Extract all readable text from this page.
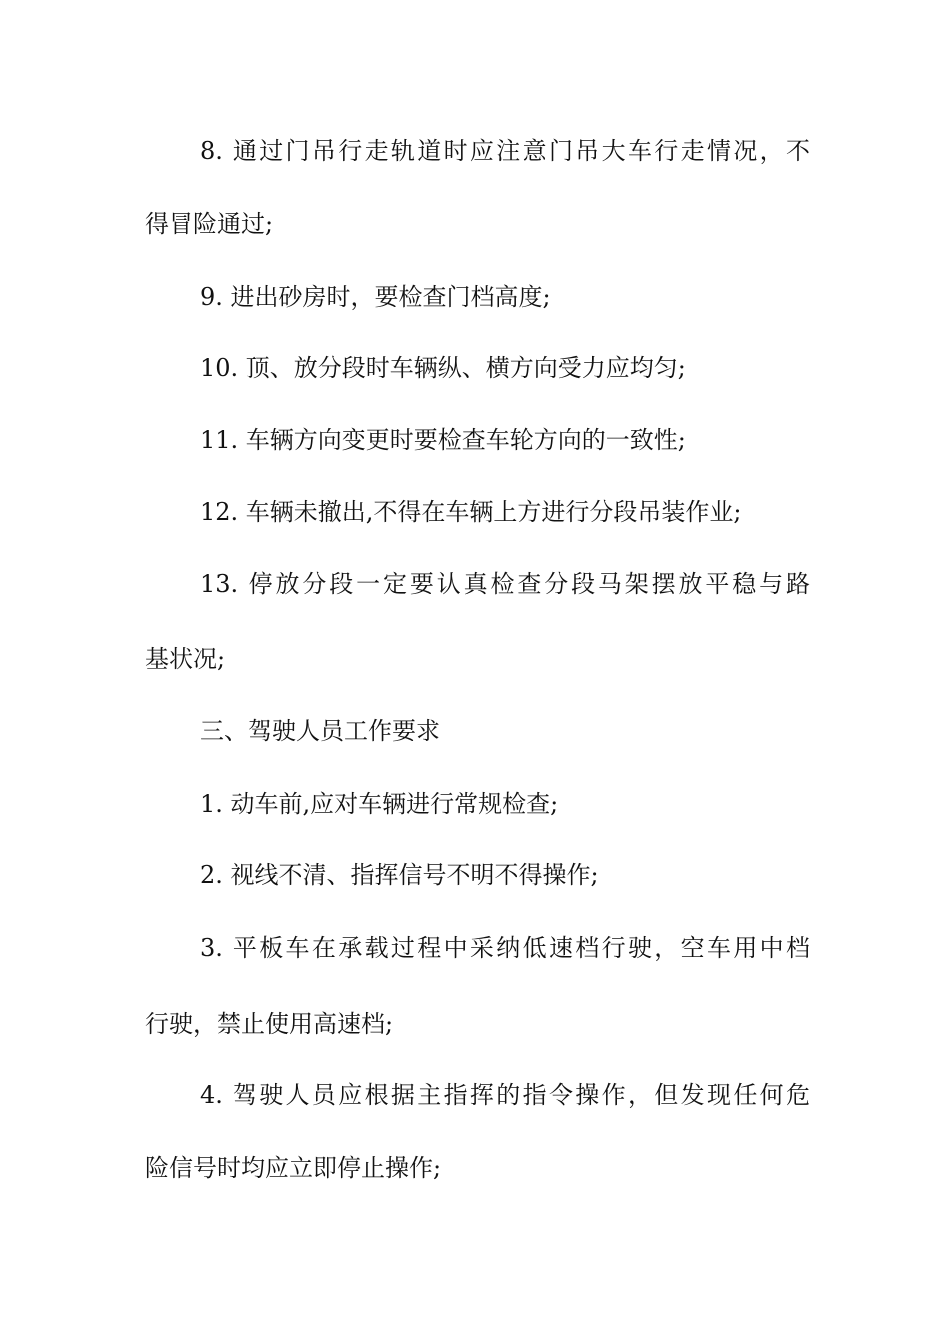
8. 通过门吊行走轨道时应注意门吊大车行走情况，不
得冒险通过;
9. 进出砂房时，要检查门档高度;
10. 顶、放分段时车辆纵、横方向受力应均匀;
11. 车辆方向变更时要检查车轮方向的一致性;
12. 车辆未撤出,不得在车辆上方进行分段吊装作业;
13. 停放分段一定要认真检查分段马架摆放平稳与路
基状况;
三、驾驶人员工作要求
1. 动车前,应对车辆进行常规检查;
2. 视线不清、指挥信号不明不得操作;
3. 平板车在承载过程中采纳低速档行驶，空车用中档
行驶，禁止使用高速档;
4. 驾驶人员应根据主指挥的指令操作，但发现任何危
险信号时均应立即停止操作;
